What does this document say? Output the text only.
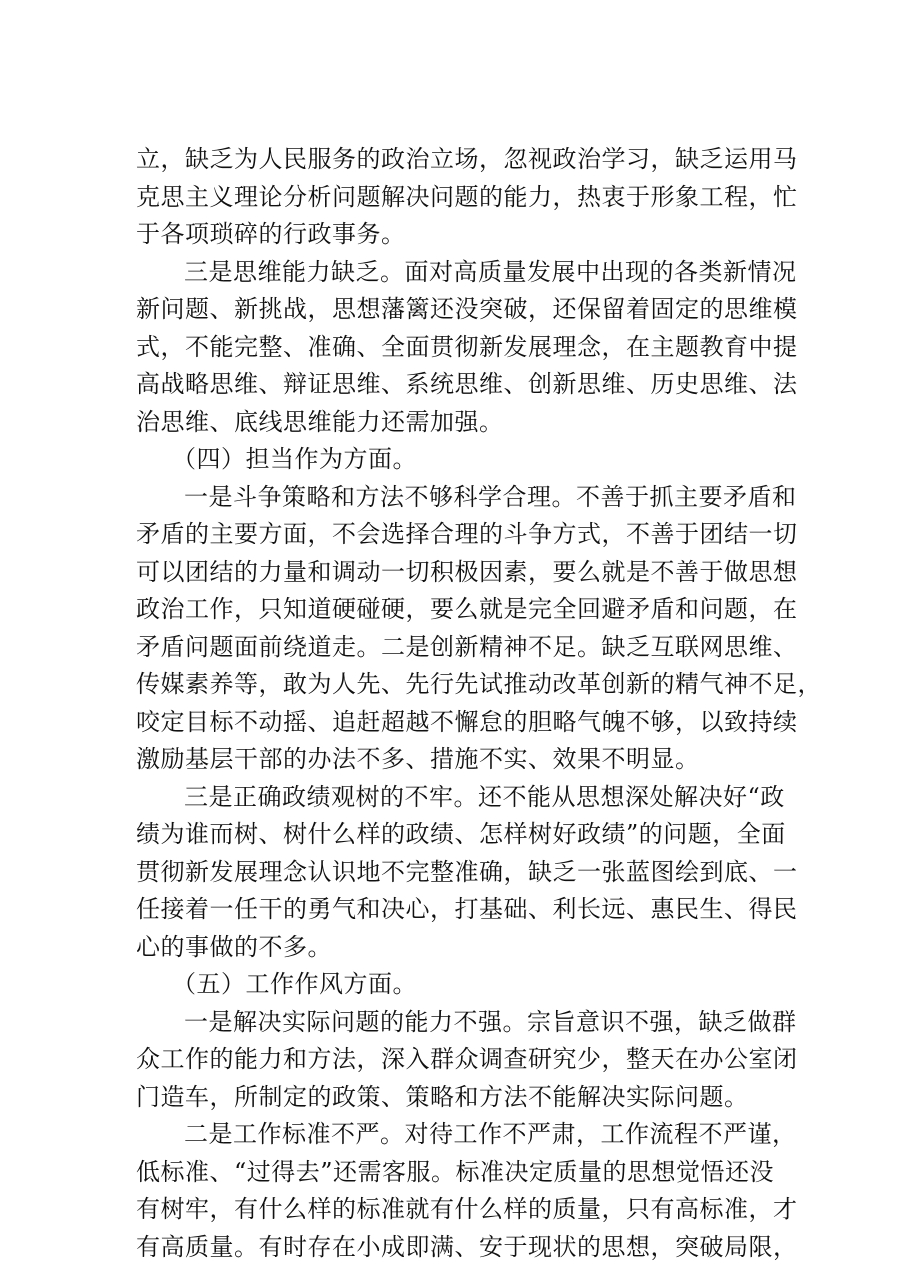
立，缺乏为人民服务的政治立场，忽视政治学习，缺乏运用马
克思主义理论分析问题解决问题的能力，热衷于形象工程，忙
于各项琐碎的行政事务。
三是思维能力缺乏。面对高质量发展中出现的各类新情况
新问题、新挑战，思想藩篱还没突破，还保留着固定的思维模
式，不能完整、准确、全面贯彻新发展理念，在主题教育中提
高战略思维、辩证思维、系统思维、创新思维、历史思维、法
治思维、底线思维能力还需加强。
（四）担当作为方面。
一是斗争策略和方法不够科学合理。不善于抓主要矛盾和
矛盾的主要方面，不会选择合理的斗争方式，不善于团结一切
可以团结的力量和调动一切积极因素，要么就是不善于做思想
政治工作，只知道硬碰硬，要么就是完全回避矛盾和问题，在
矛盾问题面前绕道走。二是创新精神不足。缺乏互联网思维、
传媒素养等，敢为人先、先行先试推动改革创新的精气神不足，
咬定目标不动摇、追赶超越不懈怠的胆略气魄不够，以致持续
激励基层干部的办法不多、措施不实、效果不明显。
三是正确政绩观树的不牢。还不能从思想深处解决好“政
绩为谁而树、树什么样的政绩、怎样树好政绩”的问题，全面
贯彻新发展理念认识地不完整准确，缺乏一张蓝图绘到底、一
任接着一任干的勇气和决心，打基础、利长远、惠民生、得民
心的事做的不多。
（五）工作作风方面。
一是解决实际问题的能力不强。宗旨意识不强，缺乏做群
众工作的能力和方法，深入群众调查研究少，整天在办公室闭
门造车，所制定的政策、策略和方法不能解决实际问题。
二是工作标准不严。对待工作不严肃，工作流程不严谨，
低标准、“过得去”还需客服。标准决定质量的思想觉悟还没
有树牢，有什么样的标准就有什么样的质量，只有高标准，才
有高质量。有时存在小成即满、安于现状的思想，突破局限，
